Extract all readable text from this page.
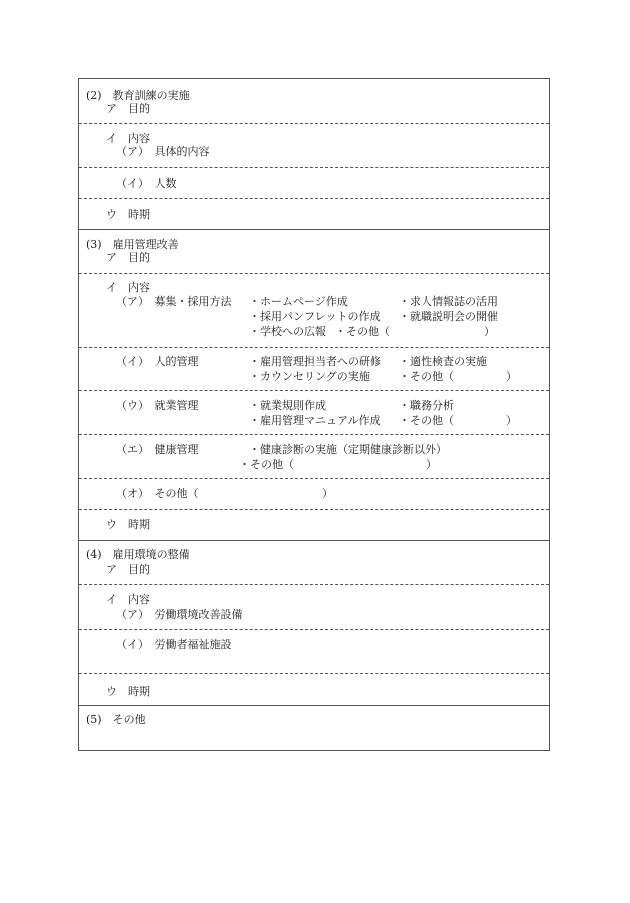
(2)　教育訓練の実施
ア　目的
イ　内容
（ア）　具体的内容
（イ）　人数
ウ　時期
(3)　雇用管理改善
ア　目的
イ　内容
（ア）　募集・採用方法 ・ホームページ作成	・求人情報誌の活用
・採用パンフレットの作成 ・就職説明会の開催
・学校への広報 ・その他（	）
（イ）　人的管理	・雇用管理担当者への研修 ・適性検査の実施
・カウンセリングの実施	・その他（	）
（ウ）　就業管理	・就業規則作成	・職務分析
・雇用管理マニュアル作成 ・その他（	）
（エ）　健康管理	・健康診断の実施（定期健康診断以外）
・その他（	）
（オ）　その他（	）
ウ　時期
(4)　雇用環境の整備
ア　目的
イ　内容
（ア）　労働環境改善設備
（イ）　労働者福祉施設
ウ　時期
(5)　その他
